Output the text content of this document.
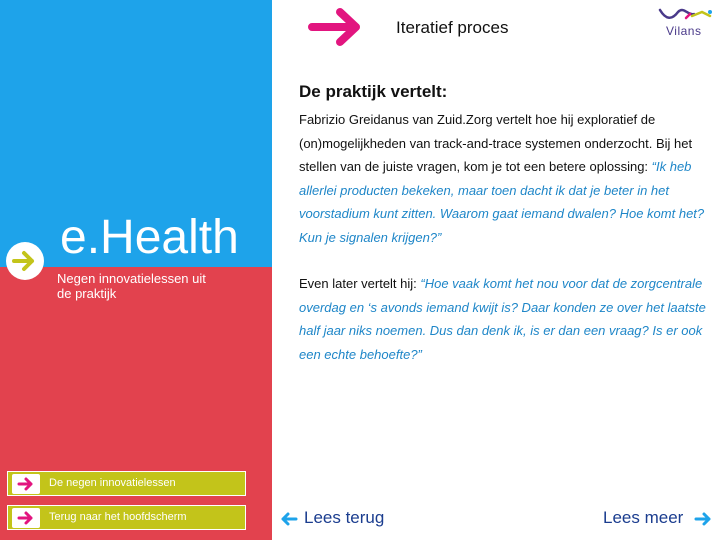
e.Health
Negen innovatielessen uit de praktijk
De negen innovatielessen
Terug naar het hoofdscherm
Iteratief proces	Vilans
De praktijk vertelt:

Fabrizio Greidanus van Zuid.Zorg vertelt hoe hij exploratief de (on)mogelijkheden van track-and-trace systemen onderzocht. Bij het stellen van de juiste vragen, kom je tot een betere oplossing: “Ik heb allerlei producten bekeken, maar toen dacht ik dat je beter in het voorstadium kunt zitten. Waarom gaat iemand dwalen? Hoe komt het? Kun je signalen krijgen?”

Even later vertelt hij: “Hoe vaak komt het nou voor dat de zorgcentrale overdag en ‘s avonds iemand kwijt is? Daar konden ze over het laatste half jaar niks noemen. Dus dan denk ik, is er dan een vraag? Is er ook een echte behoefte?”

Lees terug	Lees meer
